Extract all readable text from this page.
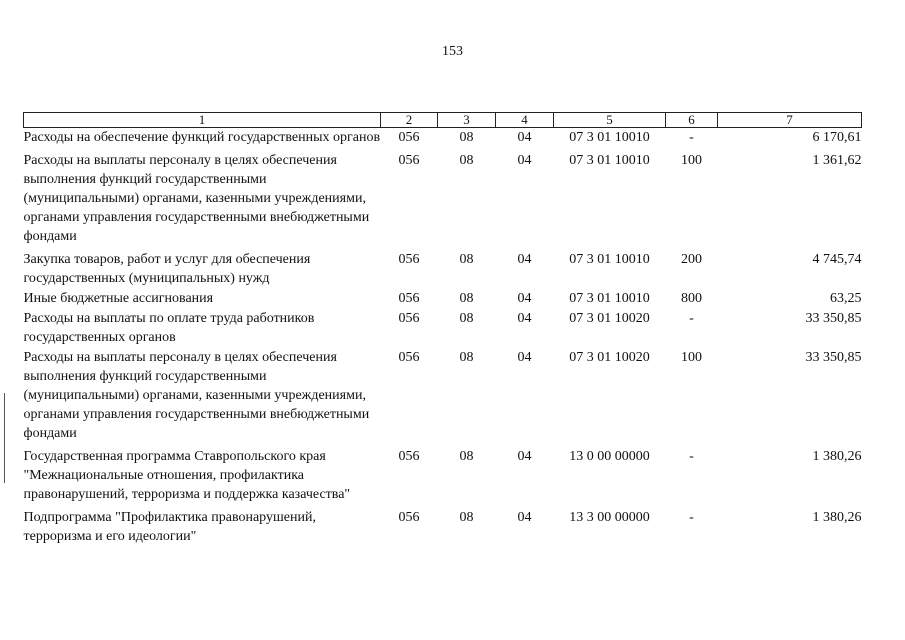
153
1	2	3	4	5	6	7
Расходы на обеспечение функций государственных органов	056	08	04	07 3 01 10010	-	6 170,61
Расходы на выплаты персоналу в целях обеспечения выполнения функций государственными (муниципальными) органами, казенными учреждениями, органами управления государственными внебюджетными фондами	056	08	04	07 3 01 10010	100	1 361,62
Закупка товаров, работ и услуг для обеспечения государственных (муниципальных) нужд	056	08	04	07 3 01 10010	200	4 745,74
Иные бюджетные ассигнования	056	08	04	07 3 01 10010	800	63,25
Расходы на выплаты по оплате труда работников государственных органов	056	08	04	07 3 01 10020	-	33 350,85
Расходы на выплаты персоналу в целях обеспечения выполнения функций государственными (муниципальными) органами, казенными учреждениями, органами управления государственными внебюджетными фондами	056	08	04	07 3 01 10020	100	33 350,85
Государственная программа Ставропольского края "Межнациональные отношения, профилактика правонарушений, терроризма и поддержка казачества"	056	08	04	13 0 00 00000	-	1 380,26
Подпрограмма "Профилактика правонарушений, терроризма и его идеологии"	056	08	04	13 3 00 00000	-	1 380,26
